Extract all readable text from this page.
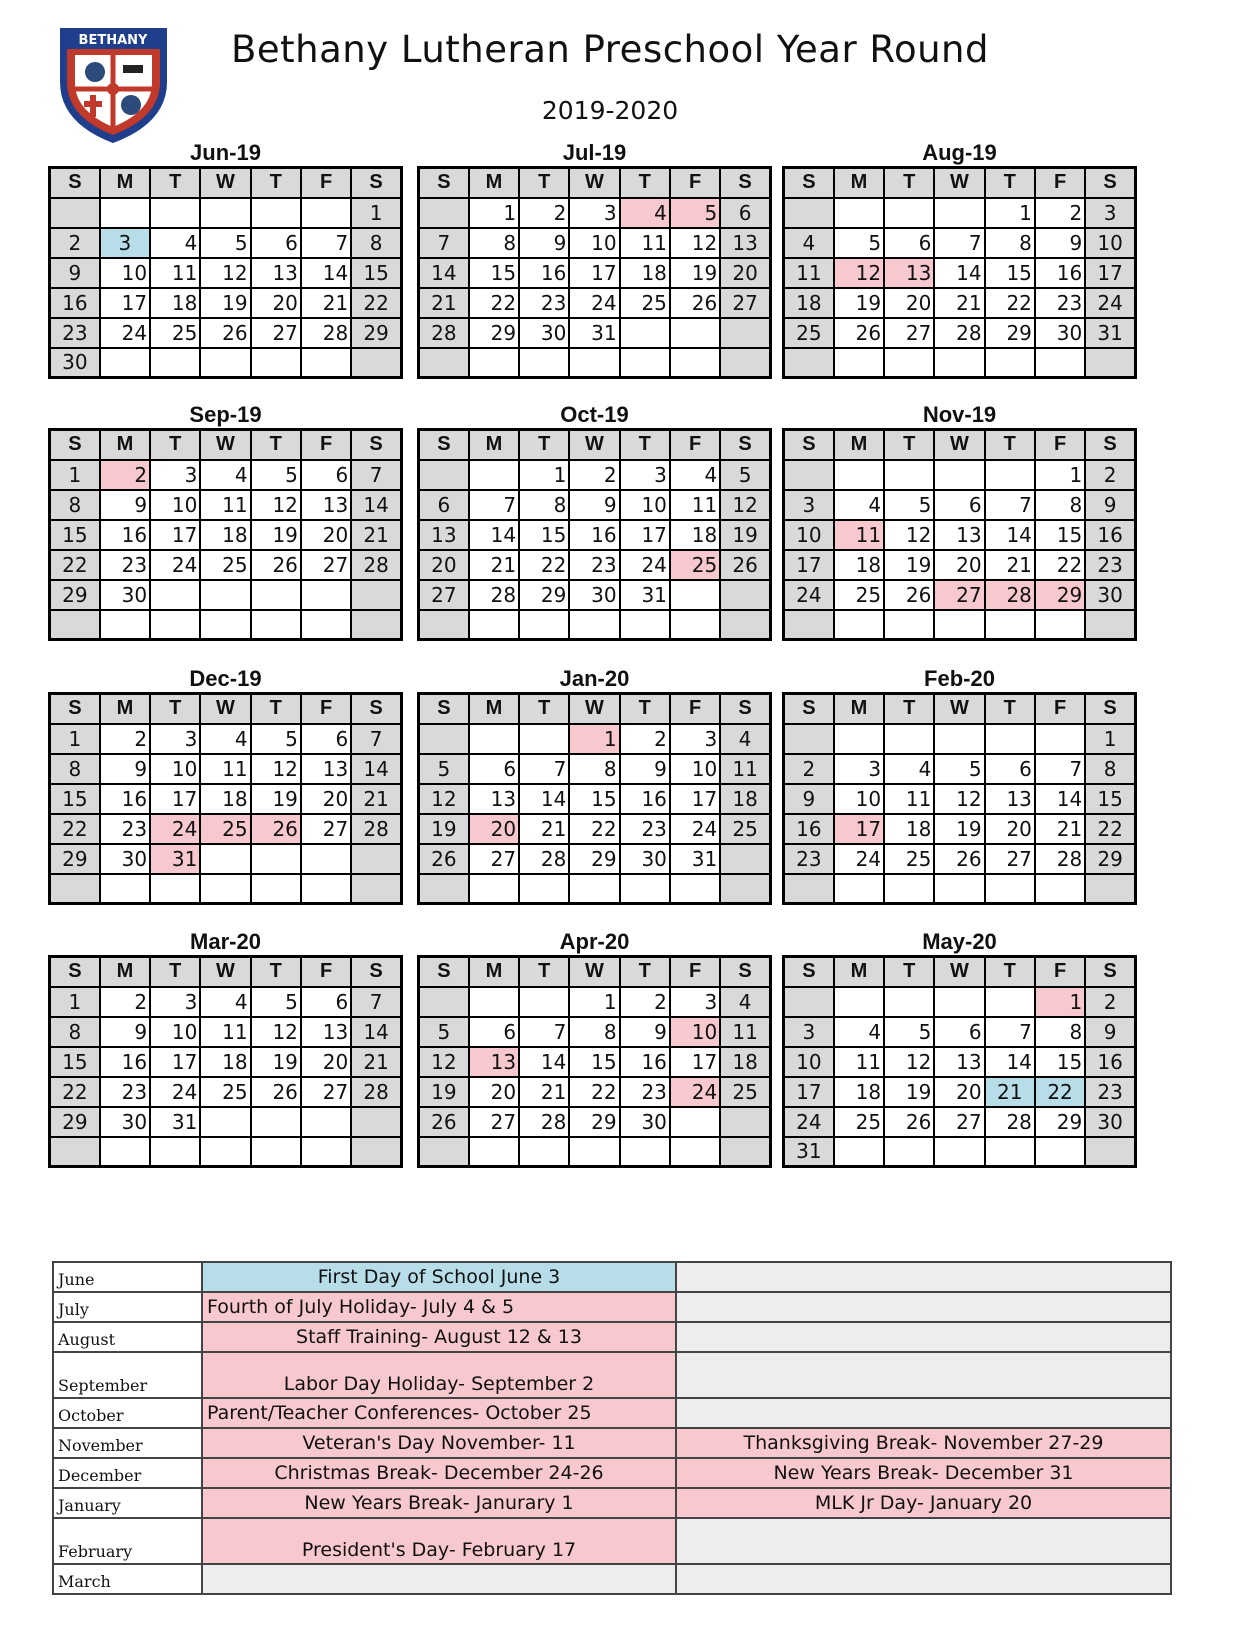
BETHANY	Bethany Lutheran Preschool Year Round
2019-2020
Jun-19
S	M	T	W	T	F	S
						1
2	3	4	5	6	7	8
9	10	11	12	13	14	15
16	17	18	19	20	21	22
23	24	25	26	27	28	29
30						
Jul-19
S	M	T	W	T	F	S
	1	2	3	4	5	6
7	8	9	10	11	12	13
14	15	16	17	18	19	20
21	22	23	24	25	26	27
28	29	30	31			

Aug-19
S	M	T	W	T	F	S
				1	2	3
4	5	6	7	8	9	10
11	12	13	14	15	16	17
18	19	20	21	22	23	24
25	26	27	28	29	30	31

Sep-19
S	M	T	W	T	F	S
1	2	3	4	5	6	7
8	9	10	11	12	13	14
15	16	17	18	19	20	21
22	23	24	25	26	27	28
29	30					

Oct-19
S	M	T	W	T	F	S
		1	2	3	4	5
6	7	8	9	10	11	12
13	14	15	16	17	18	19
20	21	22	23	24	25	26
27	28	29	30	31		

Nov-19
S	M	T	W	T	F	S
					1	2
3	4	5	6	7	8	9
10	11	12	13	14	15	16
17	18	19	20	21	22	23
24	25	26	27	28	29	30

Dec-19
S	M	T	W	T	F	S
1	2	3	4	5	6	7
8	9	10	11	12	13	14
15	16	17	18	19	20	21
22	23	24	25	26	27	28
29	30	31				

Jan-20
S	M	T	W	T	F	S
			1	2	3	4
5	6	7	8	9	10	11
12	13	14	15	16	17	18
19	20	21	22	23	24	25
26	27	28	29	30	31	

Feb-20
S	M	T	W	T	F	S
						1
2	3	4	5	6	7	8
9	10	11	12	13	14	15
16	17	18	19	20	21	22
23	24	25	26	27	28	29

Mar-20
S	M	T	W	T	F	S
1	2	3	4	5	6	7
8	9	10	11	12	13	14
15	16	17	18	19	20	21
22	23	24	25	26	27	28
29	30	31				

Apr-20
S	M	T	W	T	F	S
			1	2	3	4
5	6	7	8	9	10	11
12	13	14	15	16	17	18
19	20	21	22	23	24	25
26	27	28	29	30		

May-20
S	M	T	W	T	F	S
					1	2
3	4	5	6	7	8	9
10	11	12	13	14	15	16
17	18	19	20	21	22	23
24	25	26	27	28	29	30
31						
June	First Day of School June 3	
July	Fourth of July Holiday- July 4 & 5	
August	Staff Training- August 12 & 13	
September	Labor Day Holiday- September 2	
October	Parent/Teacher Conferences- October 25	
November	Veteran's Day November- 11	Thanksgiving Break- November 27-29
December	Christmas Break- December 24-26	New Years Break- December 31
January	New Years Break- Janurary 1	MLK Jr Day- January 20
February	President's Day- February 17	
March		
